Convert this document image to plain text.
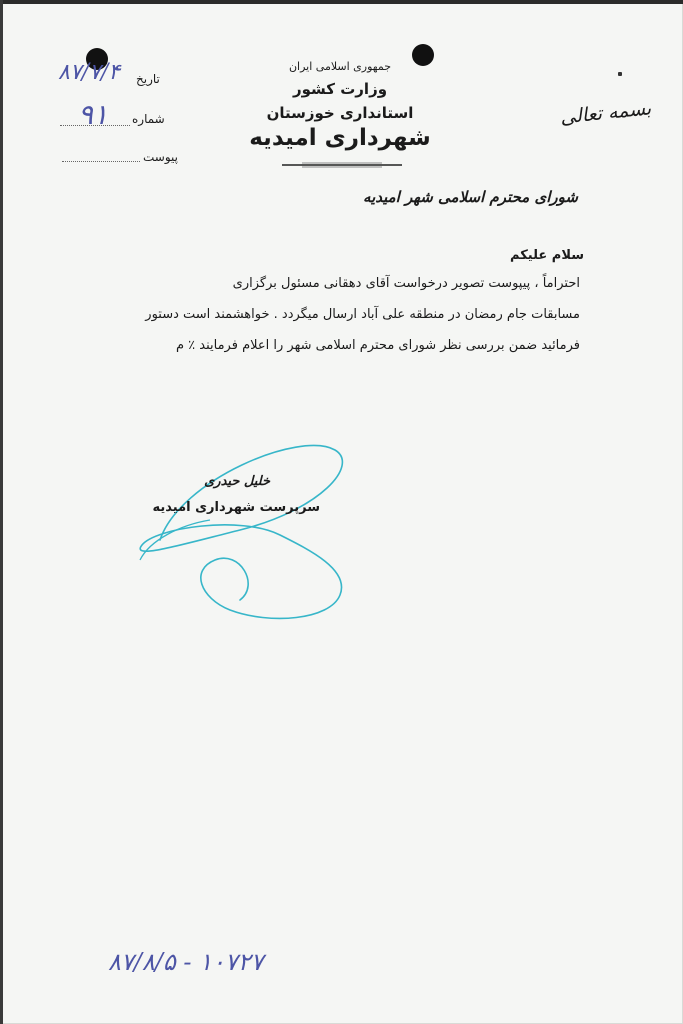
جمهوری اسلامی ایران
وزارت کشور
استانداری خوزستان
شهرداری امیدیه
تاریخ
شماره
پیوست
۸۷/۷/۴
۹۱	بسمه تعالی
شورای محترم اسلامی شهر امیدیه
سلام علیکم
احتراماً ، پیپوست تصویر درخواست آقای دهقانی مسئول برگزاری
مسابقات جام رمضان در منطقه علی آباد ارسال میگردد . خواهشمند است دستور
فرمائید ضمن بررسی نظر شورای محترم اسلامی شهر را اعلام فرمایند ٪ م
خلیل حیدری
سرپرست شهرداری امیدیه
۸۷/۸/۵ - ۱۰۷۲۷
